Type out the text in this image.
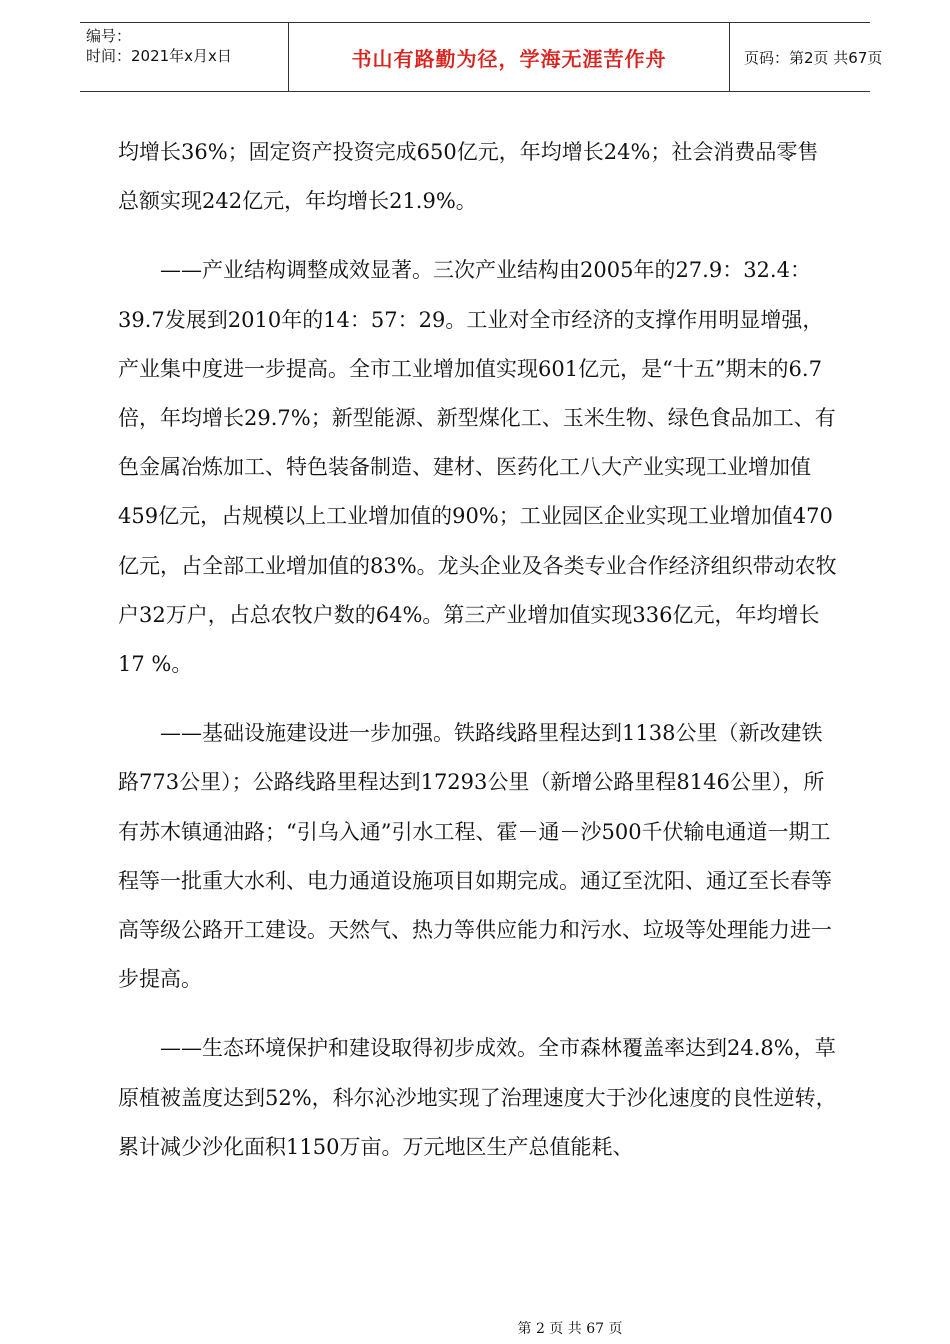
编号：
时间：2021年x月x日	书山有路勤为径，学海无涯苦作舟	页码：第2页 共67页

均增长36%；固定资产投资完成650亿元，年均增长24%；社会消费品零售总额实现242亿元，年均增长21.9%。

——产业结构调整成效显著。三次产业结构由2005年的27.9：32.4：39.7发展到2010年的14：57：29。工业对全市经济的支撑作用明显增强，产业集中度进一步提高。全市工业增加值实现601亿元，是“十五”期末的6.7倍，年均增长29.7%；新型能源、新型煤化工、玉米生物、绿色食品加工、有色金属冶炼加工、特色装备制造、建材、医药化工八大产业实现工业增加值459亿元，占规模以上工业增加值的90%；工业园区企业实现工业增加值470亿元，占全部工业增加值的83%。龙头企业及各类专业合作经济组织带动农牧户32万户，占总农牧户数的64%。第三产业增加值实现336亿元，年均增长17 %。

——基础设施建设进一步加强。铁路线路里程达到1138公里（新改建铁路773公里）；公路线路里程达到17293公里（新增公路里程8146公里），所有苏木镇通油路；“引乌入通”引水工程、霍－通－沙500千伏输电通道一期工程等一批重大水利、电力通道设施项目如期完成。通辽至沈阳、通辽至长春等高等级公路开工建设。天然气、热力等供应能力和污水、垃圾等处理能力进一步提高。

——生态环境保护和建设取得初步成效。全市森林覆盖率达到24.8%，草原植被盖度达到52%，科尔沁沙地实现了治理速度大于沙化速度的良性逆转，累计减少沙化面积1150万亩。万元地区生产总值能耗、

第 2 页 共 67 页
